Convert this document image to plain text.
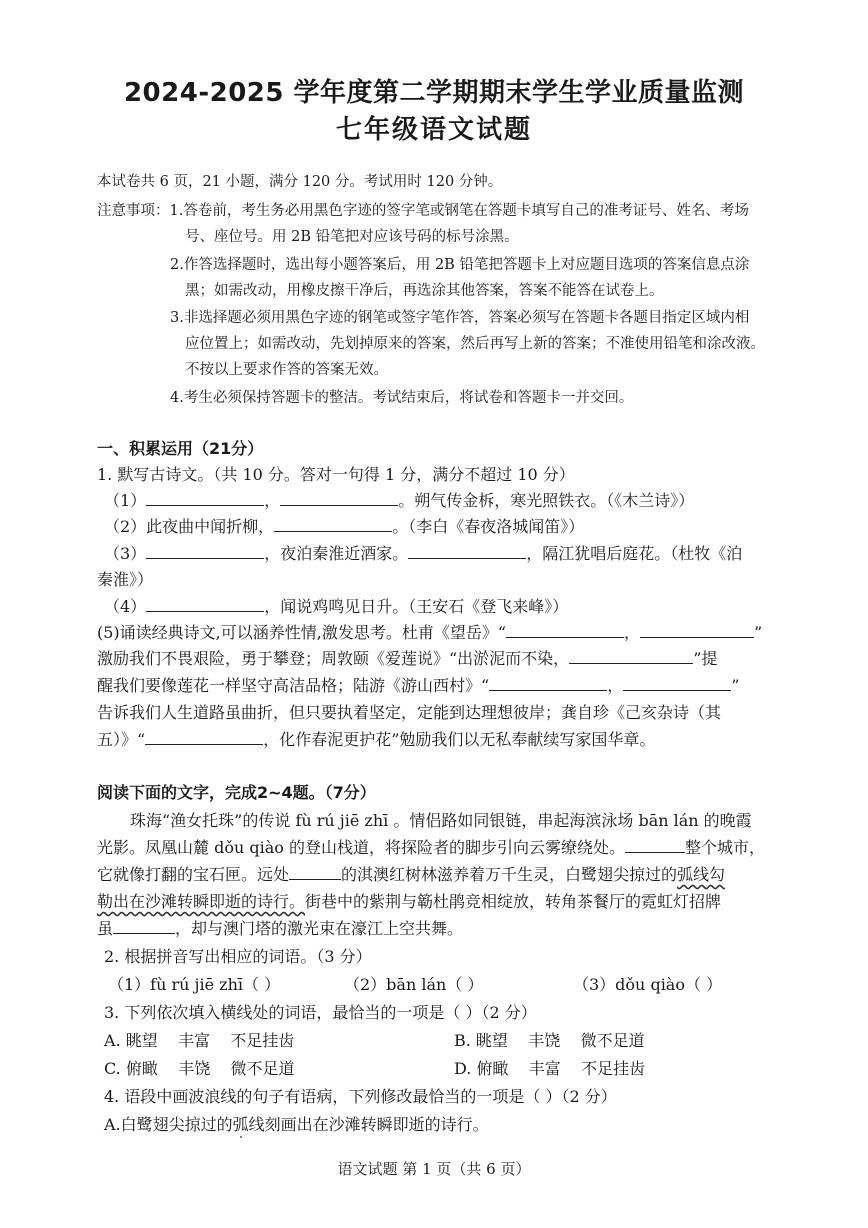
2024-2025 学年度第二学期期末学生学业质量监测
七年级语文试题
本试卷共 6 页，21 小题，满分 120 分。考试用时 120 分钟。
注意事项：1.答卷前，考生务必用黑色字迹的签字笔或钢笔在答题卡填写自己的准考证号、姓名、考场
号、座位号。用 2B 铅笔把对应该号码的标号涂黑。
2.作答选择题时，选出每小题答案后，用 2B 铅笔把答题卡上对应题目选项的答案信息点涂
黑；如需改动，用橡皮擦干净后，再选涂其他答案，答案不能答在试卷上。
3.非选择题必须用黑色字迹的钢笔或签字笔作答，答案必须写在答题卡各题目指定区域内相
应位置上；如需改动，先划掉原来的答案，然后再写上新的答案；不准使用铅笔和涂改液。
不按以上要求作答的答案无效。
4.考生必须保持答题卡的整洁。考试结束后，将试卷和答题卡一并交回。
一、积累运用（21分）
1. 默写古诗文。（共 10 分。答对一句得 1 分，满分不超过 10 分）
（1）	，	。朔气传金柝，寒光照铁衣。（《木兰诗》）
（2）此夜曲中闻折柳，	。（李白《春夜洛城闻笛》）
（3）	，夜泊秦淮近酒家。	，隔江犹唱后庭花。（杜牧《泊
秦淮》）
（4）	，闻说鸡鸣见日升。（王安石《登飞来峰》）
(5)诵读经典诗文,可以涵养性情,激发思考。杜甫《望岳》“	，	”
激励我们不畏艰险，勇于攀登；周敦颐《爱莲说》“出淤泥而不染，	”提
醒我们要像莲花一样坚守高洁品格；陆游《游山西村》“	，	”
告诉我们人生道路虽曲折，但只要执着坚定，定能到达理想彼岸；龚自珍《己亥杂诗（其
五）》“	，化作春泥更护花”勉励我们以无私奉献续写家国华章。
阅读下面的文字，完成2~4题。（7分）
珠海“渔女托珠”的传说 fù rú jiē zhī 。情侣路如同银链，串起海滨泳场 bān lán 的晚霞
光影。凤凰山麓 dǒu qiào 的登山栈道，将探险者的脚步引向云雾缭绕处。	整个城市，
它就像打翻的宝石匣。远处	的淇澳红树林滋养着万千生灵，白鹭翅尖掠过的弧线勾
勒出在沙滩转瞬即逝的诗行。街巷中的紫荆与簕杜鹃竞相绽放，转角茶餐厅的霓虹灯招牌
虽	，却与澳门塔的激光束在濠江上空共舞。
2. 根据拼音写出相应的词语。（3 分）
（1）fù rú jiē zhī（ ）	（2）bān lán（ ）	（3）dǒu qiào（ ）
3. 下列依次填入横线处的词语，最恰当的一项是（ ）（2 分）
A. 眺望    丰富    不足挂齿	B. 眺望    丰饶    微不足道
C. 俯瞰    丰饶    微不足道	D. 俯瞰    丰富    不足挂齿
4. 语段中画波浪线的句子有语病，下列修改最恰当的一项是（ ）（2 分）
A.白鹭翅尖掠过的弧线刻画出在沙滩转瞬即逝的诗行。
语文试题 第 1 页（共 6 页）
